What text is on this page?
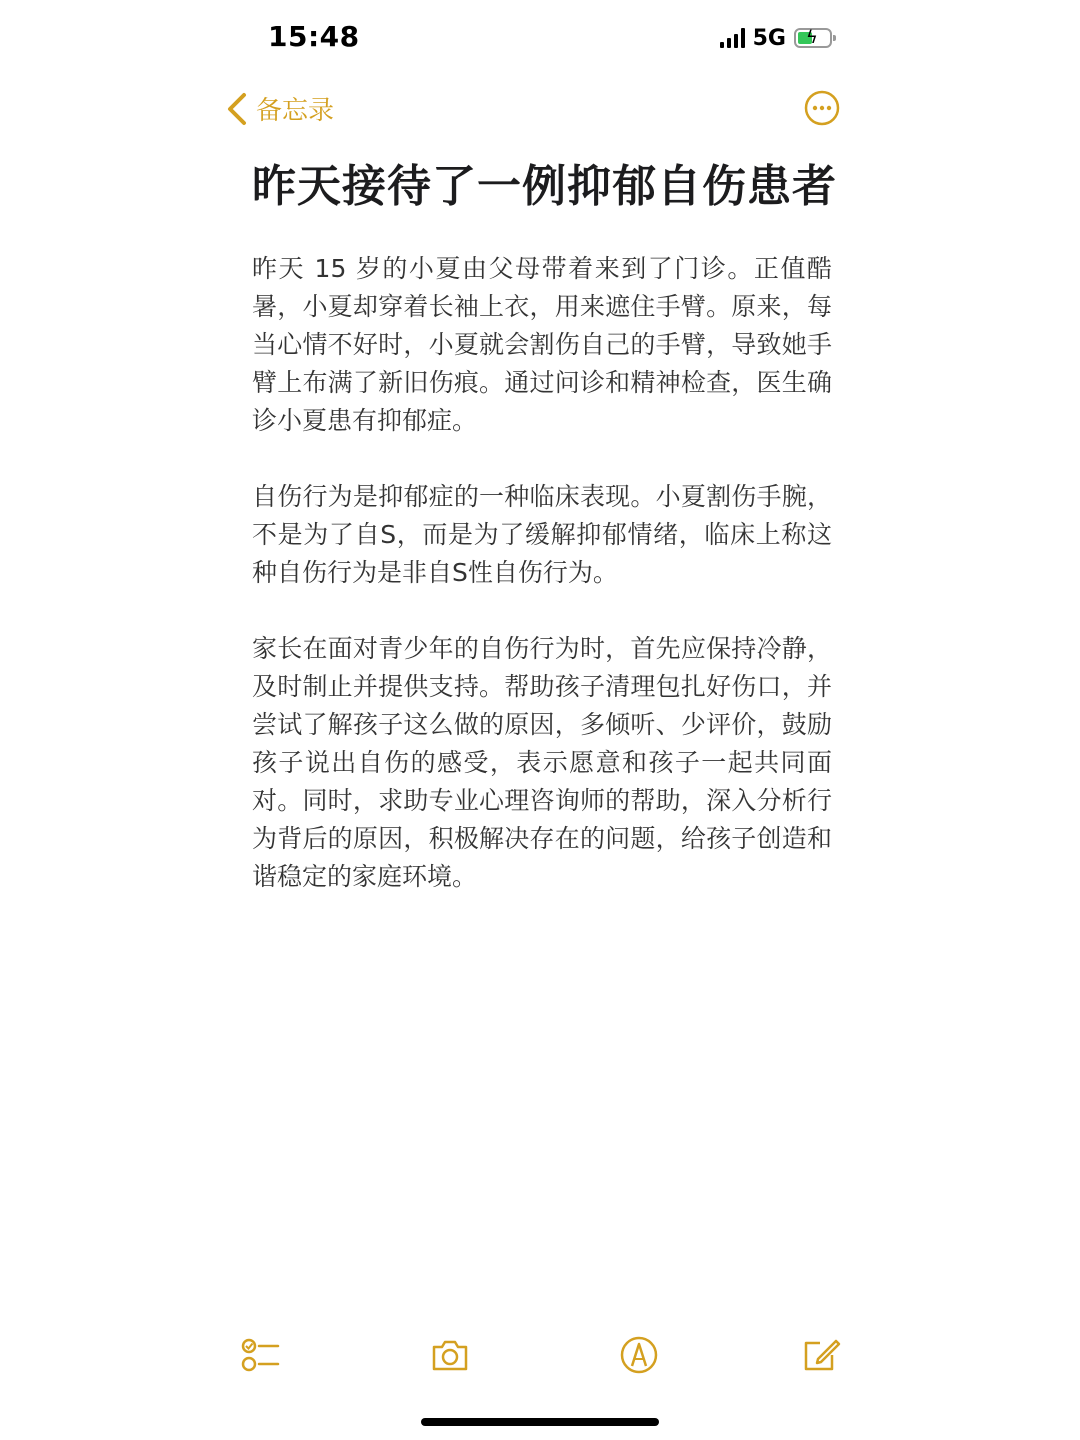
15:48	5G ϟ
备忘录
昨天接待了一例抑郁自伤患者

昨天 15 岁的小夏由父母带着来到了门诊。正值酷暑，小夏却穿着长袖上衣，用来遮住手臂。原来，每当心情不好时，小夏就会割伤自己的手臂，导致她手臂上布满了新旧伤痕。通过问诊和精神检查，医生确诊小夏患有抑郁症。

自伤行为是抑郁症的一种临床表现。小夏割伤手腕，不是为了自S，而是为了缓解抑郁情绪，临床上称这种自伤行为是非自S性自伤行为。

家长在面对青少年的自伤行为时，首先应保持冷静，及时制止并提供支持。帮助孩子清理包扎好伤口，并尝试了解孩子这么做的原因，多倾听、少评价，鼓励孩子说出自伤的感受，表示愿意和孩子一起共同面对。同时，求助专业心理咨询师的帮助，深入分析行为背后的原因，积极解决存在的问题，给孩子创造和谐稳定的家庭环境。
